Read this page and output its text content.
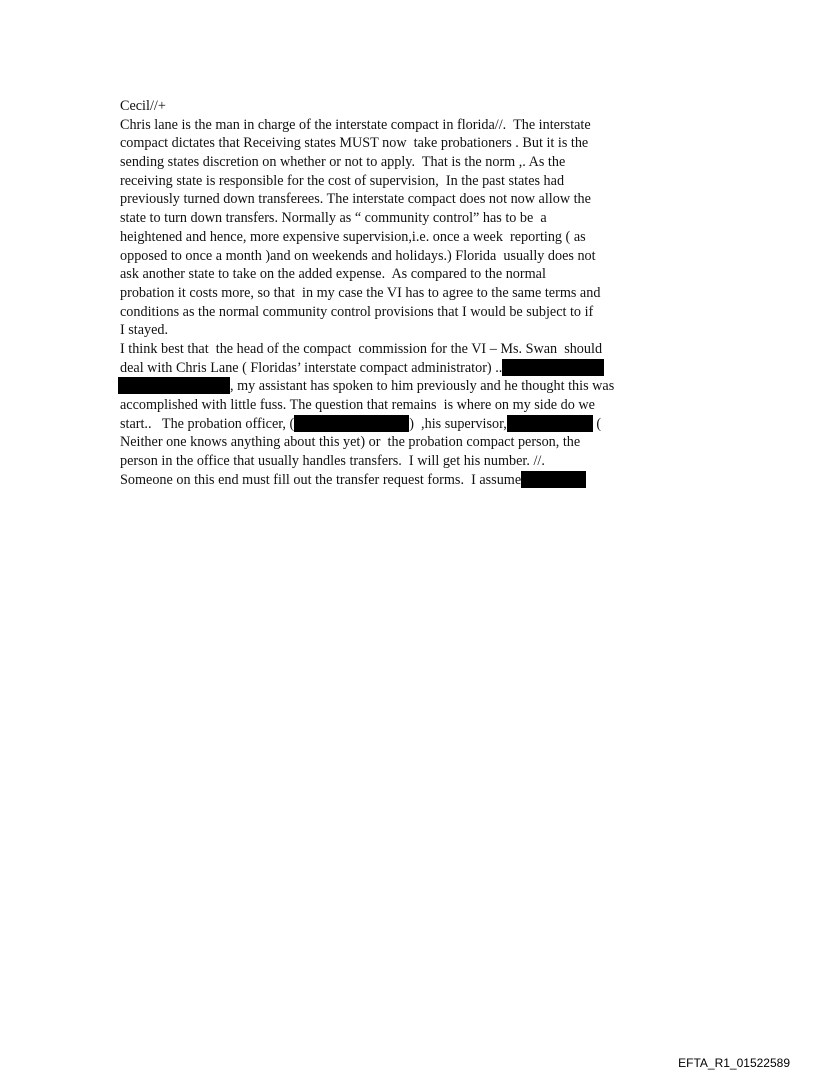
Cecil//+
Chris lane is the man in charge of the interstate compact in florida//.  The interstate
compact dictates that Receiving states MUST now  take probationers . But it is the
sending states discretion on whether or not to apply.  That is the norm ,. As the
receiving state is responsible for the cost of supervision,  In the past states had
previously turned down transferees. The interstate compact does not now allow the
state to turn down transfers. Normally as “ community control” has to be  a
heightened and hence, more expensive supervision,i.e. once a week  reporting ( as
opposed to once a month )and on weekends and holidays.) Florida  usually does not
ask another state to take on the added expense.  As compared to the normal
probation it costs more, so that  in my case the VI has to agree to the same terms and
conditions as the normal community control provisions that I would be subject to if
I stayed.
I think best that  the head of the compact  commission for the VI – Ms. Swan  should
deal with Chris Lane ( Floridas’ interstate compact administrator) ..
, my assistant has spoken to him previously and he thought this was
accomplished with little fuss. The question that remains  is where on my side do we
start..   The probation officer, (	)  ,his supervisor,	(
Neither one knows anything about this yet) or  the probation compact person, the
person in the office that usually handles transfers.  I will get his number. //.
Someone on this end must fill out the transfer request forms.  I assume
EFTA_R1_01522589
